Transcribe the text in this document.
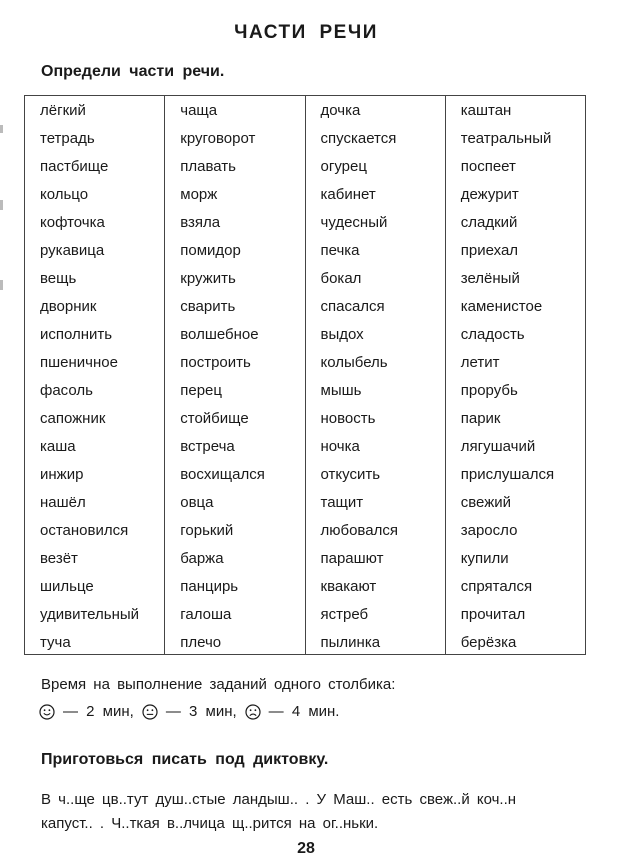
ЧАСТИ РЕЧИ
Определи части речи.
лёгкий
тетрадь
пастбище
кольцо
кофточка
рукавица
вещь
дворник
исполнить
пшеничное
фасоль
сапожник
каша
инжир
нашёл
остановился
везёт
шильце
удивительный
туча
чаща
круговорот
плавать
морж
взяла
помидор
кружить
сварить
волшебное
построить
перец
стойбище
встреча
восхищался
овца
горький
баржа
панцирь
галоша
плечо
дочка
спускается
огурец
кабинет
чудесный
печка
бокал
спасался
выдох
колыбель
мышь
новость
ночка
откусить
тащит
любовался
парашют
квакают
ястреб
пылинка
каштан
театральный
поспеет
дежурит
сладкий
приехал
зелёный
каменистое
сладость
летит
прорубь
парик
лягушачий
прислушался
свежий
заросло
купили
спрятался
прочитал
берёзка
Время на выполнение заданий одного столбика:
— 2 мин, — 3 мин, — 4 мин.
Приготовься писать под диктовку.
В ч..ще цв..тут душ..стые ландыш.. . У Маш.. есть свеж..й коч..н
капуст.. . Ч..ткая в..лчица щ..рится на ог..ньки.
28
